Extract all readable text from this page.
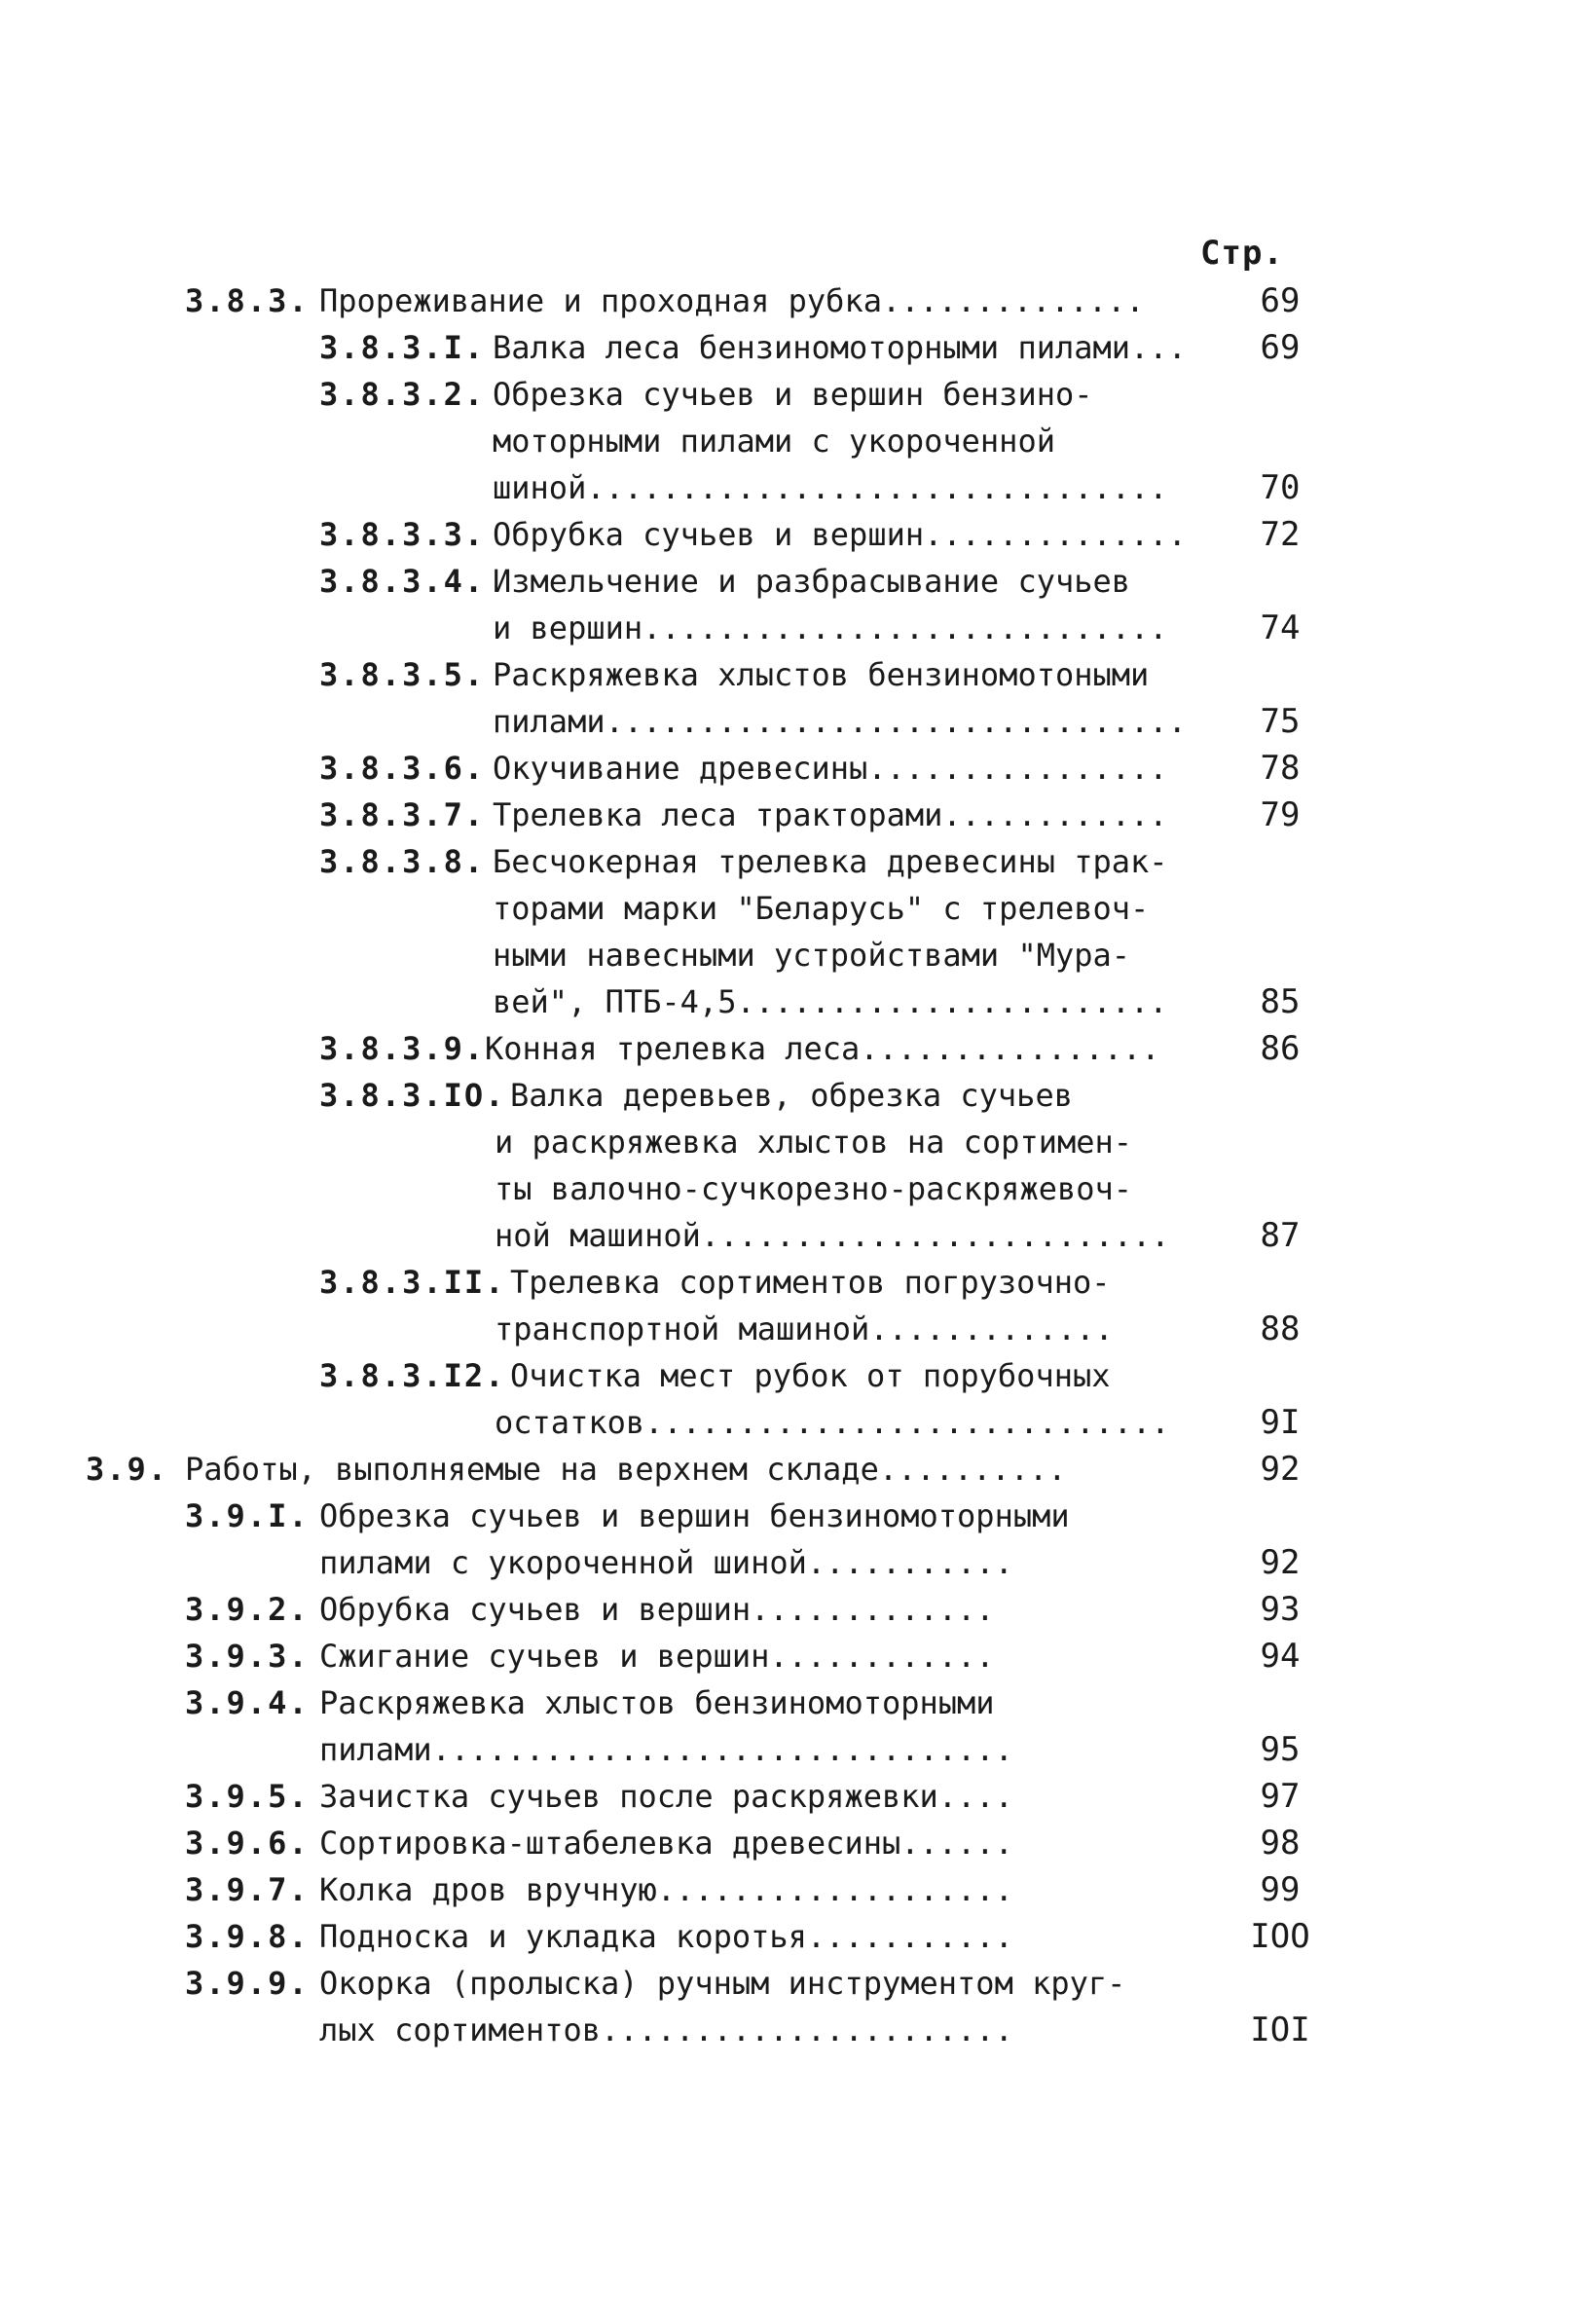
Стр.
3.8.3. Прореживание и проходная рубка..............	69
3.8.3.I. Валка леса бензиномоторными пилами...	69
3.8.3.2. Обрезка сучьев и вершин бензино-
моторными пилами с укороченной
шиной...............................	70
3.8.3.3. Обрубка сучьев и вершин..............	72
3.8.3.4. Измельчение и разбрасывание сучьев
и вершин............................	74
3.8.3.5. Раскряжевка хлыстов бензиномотоными
пилами...............................	75
3.8.3.6. Окучивание древесины................	78
3.8.3.7. Трелевка леса тракторами............	79
3.8.3.8. Бесчокерная трелевка древесины трак-
торами марки "Беларусь" с трелевоч-
ными навесными устройствами "Мура-
вей", ПТБ-4,5.......................	85
3.8.3.9. Конная трелевка леса................	86
3.8.3.IO. Валка деревьев, обрезка сучьев
и раскряжевка хлыстов на сортимен-
ты валочно-сучкорезно-раскряжевоч-
ной машиной.........................	87
3.8.3.II. Трелевка сортиментов погрузочно-
транспортной машиной.............	88
3.8.3.I2. Очистка мест рубок от порубочных
остатков............................	9I
3.9. Работы, выполняемые на верхнем складе..........	92
3.9.I. Обрезка сучьев и вершин бензиномоторными
пилами с укороченной шиной...........	92
3.9.2. Обрубка сучьев и вершин.............	93
3.9.3. Сжигание сучьев и вершин............	94
3.9.4. Раскряжевка хлыстов бензиномоторными
пилами...............................	95
3.9.5. Зачистка сучьев после раскряжевки....	97
3.9.6. Сортировка-штабелевка древесины......	98
3.9.7. Колка дров вручную...................	99
3.9.8. Подноска и укладка коротья...........	IOO
3.9.9. Окорка (пролыска) ручным инструментом круг-
лых сортиментов......................	IOI
